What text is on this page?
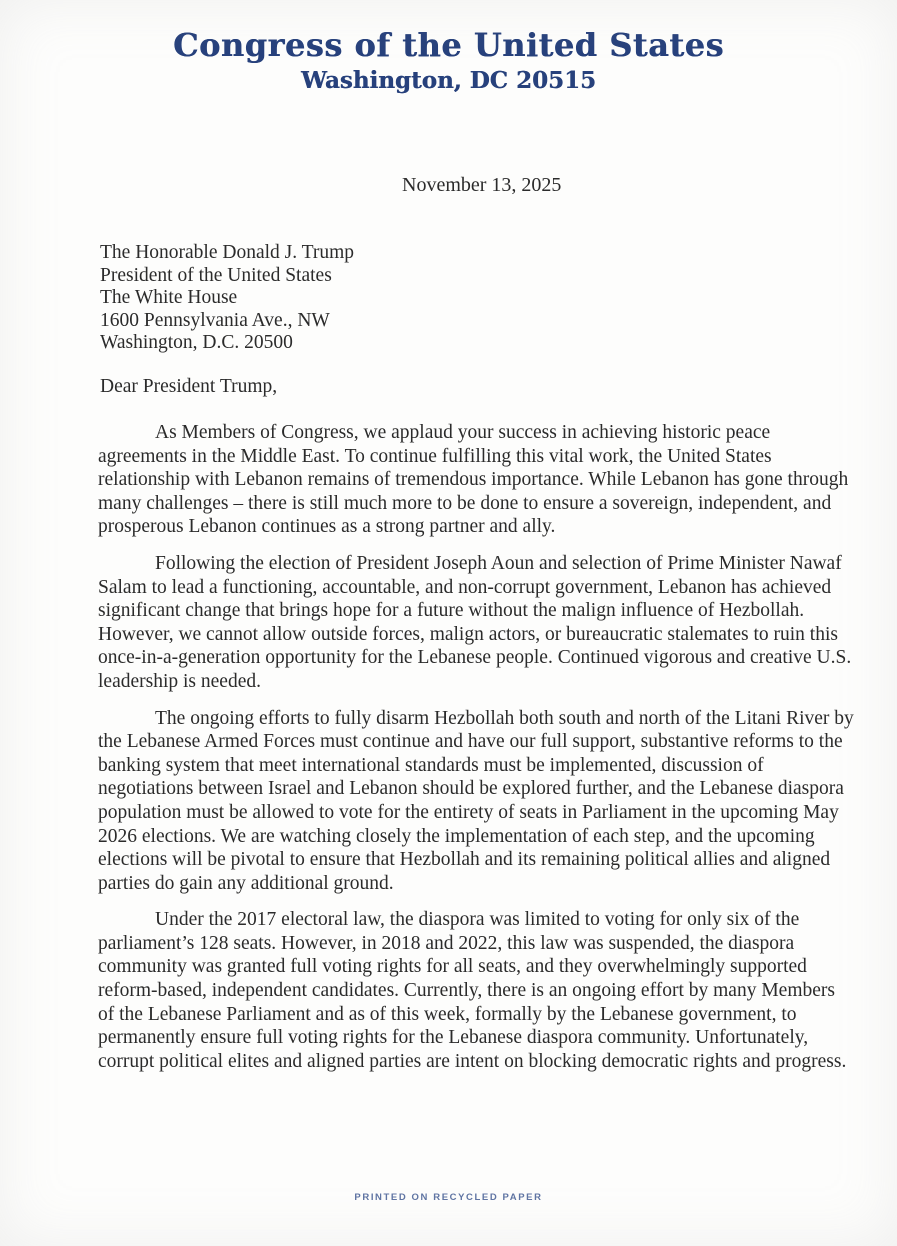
Congress of the United States
Washington, DC 20515
November 13, 2025
The Honorable Donald J. Trump
President of the United States
The White House
1600 Pennsylvania Ave., NW
Washington, D.C. 20500
Dear President Trump,

As Members of Congress, we applaud your success in achieving historic peace agreements in the Middle East. To continue fulfilling this vital work, the United States relationship with Lebanon remains of tremendous importance. While Lebanon has gone through many challenges – there is still much more to be done to ensure a sovereign, independent, and prosperous Lebanon continues as a strong partner and ally.

Following the election of President Joseph Aoun and selection of Prime Minister Nawaf Salam to lead a functioning, accountable, and non-corrupt government, Lebanon has achieved significant change that brings hope for a future without the malign influence of Hezbollah. However, we cannot allow outside forces, malign actors, or bureaucratic stalemates to ruin this once-in-a-generation opportunity for the Lebanese people. Continued vigorous and creative U.S. leadership is needed.

The ongoing efforts to fully disarm Hezbollah both south and north of the Litani River by the Lebanese Armed Forces must continue and have our full support, substantive reforms to the banking system that meet international standards must be implemented, discussion of negotiations between Israel and Lebanon should be explored further, and the Lebanese diaspora population must be allowed to vote for the entirety of seats in Parliament in the upcoming May 2026 elections. We are watching closely the implementation of each step, and the upcoming elections will be pivotal to ensure that Hezbollah and its remaining political allies and aligned parties do gain any additional ground.

Under the 2017 electoral law, the diaspora was limited to voting for only six of the parliament’s 128 seats. However, in 2018 and 2022, this law was suspended, the diaspora community was granted full voting rights for all seats, and they overwhelmingly supported reform-based, independent candidates. Currently, there is an ongoing effort by many Members of the Lebanese Parliament and as of this week, formally by the Lebanese government, to permanently ensure full voting rights for the Lebanese diaspora community. Unfortunately, corrupt political elites and aligned parties are intent on blocking democratic rights and progress.

PRINTED ON RECYCLED PAPER
